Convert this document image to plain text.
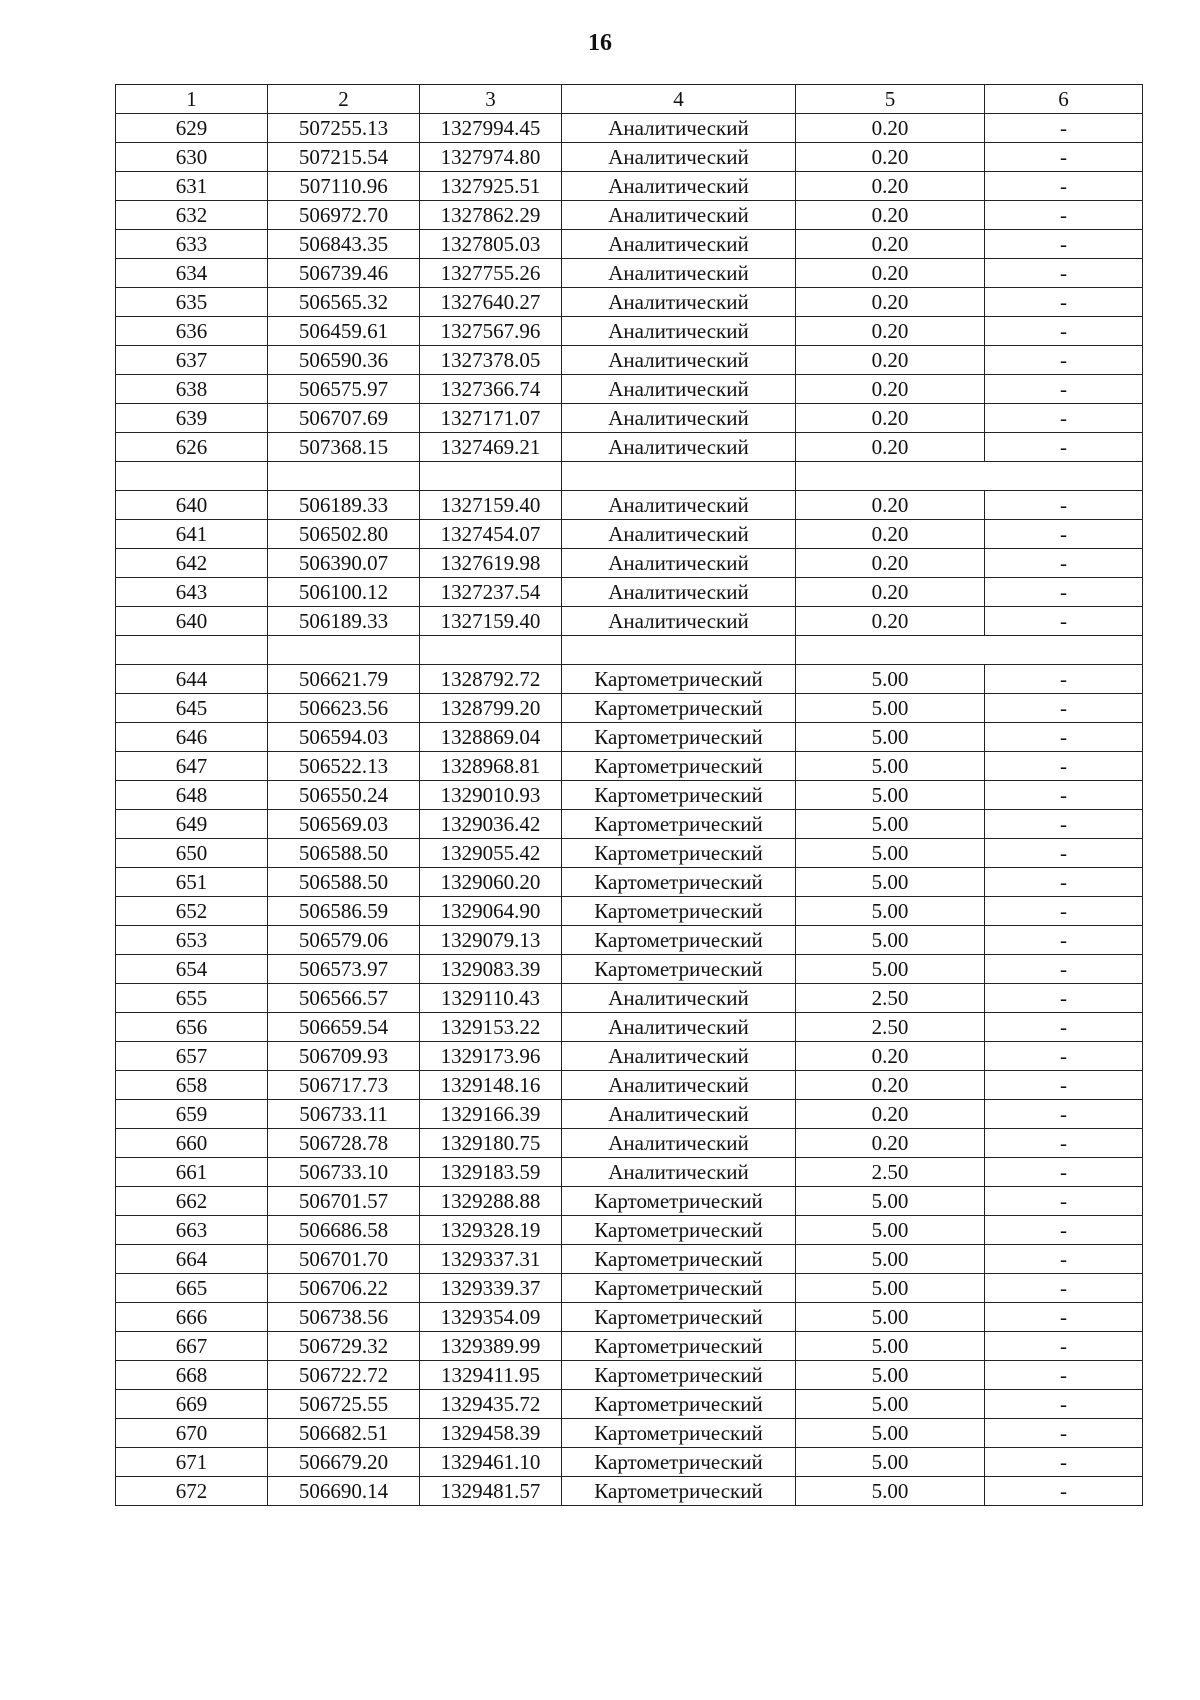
16
1	2	3	4	5	6
629	507255.13	1327994.45	Аналитический	0.20	-
630	507215.54	1327974.80	Аналитический	0.20	-
631	507110.96	1327925.51	Аналитический	0.20	-
632	506972.70	1327862.29	Аналитический	0.20	-
633	506843.35	1327805.03	Аналитический	0.20	-
634	506739.46	1327755.26	Аналитический	0.20	-
635	506565.32	1327640.27	Аналитический	0.20	-
636	506459.61	1327567.96	Аналитический	0.20	-
637	506590.36	1327378.05	Аналитический	0.20	-
638	506575.97	1327366.74	Аналитический	0.20	-
639	506707.69	1327171.07	Аналитический	0.20	-
626	507368.15	1327469.21	Аналитический	0.20	-

640	506189.33	1327159.40	Аналитический	0.20	-
641	506502.80	1327454.07	Аналитический	0.20	-
642	506390.07	1327619.98	Аналитический	0.20	-
643	506100.12	1327237.54	Аналитический	0.20	-
640	506189.33	1327159.40	Аналитический	0.20	-

644	506621.79	1328792.72	Картометрический	5.00	-
645	506623.56	1328799.20	Картометрический	5.00	-
646	506594.03	1328869.04	Картометрический	5.00	-
647	506522.13	1328968.81	Картометрический	5.00	-
648	506550.24	1329010.93	Картометрический	5.00	-
649	506569.03	1329036.42	Картометрический	5.00	-
650	506588.50	1329055.42	Картометрический	5.00	-
651	506588.50	1329060.20	Картометрический	5.00	-
652	506586.59	1329064.90	Картометрический	5.00	-
653	506579.06	1329079.13	Картометрический	5.00	-
654	506573.97	1329083.39	Картометрический	5.00	-
655	506566.57	1329110.43	Аналитический	2.50	-
656	506659.54	1329153.22	Аналитический	2.50	-
657	506709.93	1329173.96	Аналитический	0.20	-
658	506717.73	1329148.16	Аналитический	0.20	-
659	506733.11	1329166.39	Аналитический	0.20	-
660	506728.78	1329180.75	Аналитический	0.20	-
661	506733.10	1329183.59	Аналитический	2.50	-
662	506701.57	1329288.88	Картометрический	5.00	-
663	506686.58	1329328.19	Картометрический	5.00	-
664	506701.70	1329337.31	Картометрический	5.00	-
665	506706.22	1329339.37	Картометрический	5.00	-
666	506738.56	1329354.09	Картометрический	5.00	-
667	506729.32	1329389.99	Картометрический	5.00	-
668	506722.72	1329411.95	Картометрический	5.00	-
669	506725.55	1329435.72	Картометрический	5.00	-
670	506682.51	1329458.39	Картометрический	5.00	-
671	506679.20	1329461.10	Картометрический	5.00	-
672	506690.14	1329481.57	Картометрический	5.00	-
